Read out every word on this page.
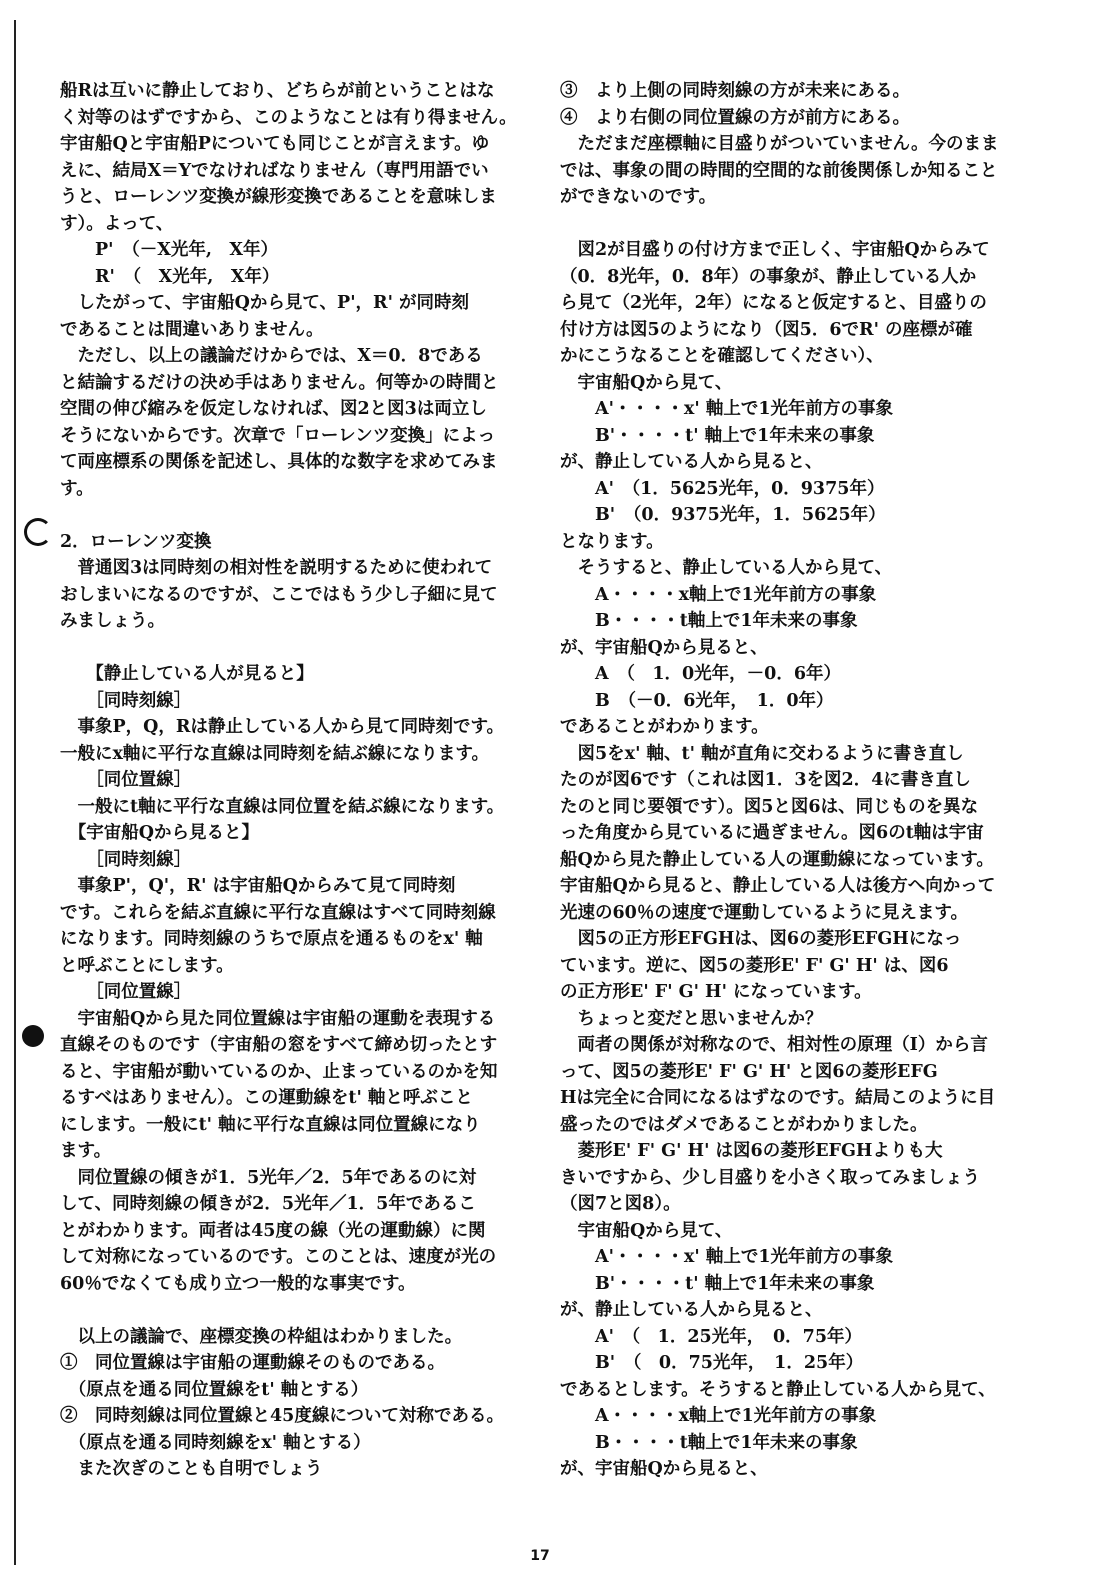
船Rは互いに静止しており、どちらが前ということはな
く対等のはずですから、このようなことは有り得ません。
宇宙船Qと宇宙船Pについても同じことが言えます。ゆ
えに、結局X＝Yでなければなりません（専門用語でい
うと、ローレンツ変換が線形変換であることを意味しま
す）。よって、
　　P'　（－X光年,　X年）
　　R'　（　X光年,　X年）
　したがって、宇宙船Qから見て、P'，R' が同時刻
であることは間違いありません。
　ただし、以上の議論だけからでは、X＝0．8である
と結論するだけの決め手はありません。何等かの時間と
空間の伸び縮みを仮定しなければ、図2と図3は両立し
そうにないからです。次章で「ローレンツ変換」によっ
て両座標系の関係を記述し、具体的な数字を求めてみま
す。
2．ローレンツ変換
　普通図3は同時刻の相対性を説明するために使われて
おしまいになるのですが、ここではもう少し子細に見て
みましょう。
　　【静止している人が見ると】
　　［同時刻線］
　事象P，Q，Rは静止している人から見て同時刻です。
一般にx軸に平行な直線は同時刻を結ぶ線になります。
　　［同位置線］
　一般にt軸に平行な直線は同位置を結ぶ線になります。
　【宇宙船Qから見ると】
　　［同時刻線］
　事象P'，Q'，R' は宇宙船Qからみて見て同時刻
です。これらを結ぶ直線に平行な直線はすべて同時刻線
になります。同時刻線のうちで原点を通るものをx' 軸
と呼ぶことにします。
　　［同位置線］
　宇宙船Qから見た同位置線は宇宙船の運動を表現する
直線そのものです（宇宙船の窓をすべて締め切ったとす
ると、宇宙船が動いているのか、止まっているのかを知
るすべはありません）。この運動線をt' 軸と呼ぶこと
にします。一般にt' 軸に平行な直線は同位置線になり
ます。
　同位置線の傾きが1．5光年／2．5年であるのに対
して、同時刻線の傾きが2．5光年／1．5年であるこ
とがわかります。両者は45度の線（光の運動線）に関
して対称になっているのです。このことは、速度が光の
60％でなくても成り立つ一般的な事実です。
　以上の議論で、座標変換の枠組はわかりました。
①　同位置線は宇宙船の運動線そのものである。
　（原点を通る同位置線をt' 軸とする）
②　同時刻線は同位置線と45度線について対称である。
　（原点を通る同時刻線をx' 軸とする）
　また次ぎのことも自明でしょう
③　より上側の同時刻線の方が未来にある。
④　より右側の同位置線の方が前方にある。
　ただまだ座標軸に目盛りがついていません。今のまま
では、事象の間の時間的空間的な前後関係しか知ること
ができないのです。
　図2が目盛りの付け方まで正しく、宇宙船Qからみて
（0．8光年，0．8年）の事象が、静止している人か
ら見て（2光年，2年）になると仮定すると、目盛りの
付け方は図5のようになり（図5．6でR' の座標が確
かにこうなることを確認してください）、
　宇宙船Qから見て、
　　A'・・・・x' 軸上で1光年前方の事象
　　B'・・・・t' 軸上で1年未来の事象
が、静止している人から見ると、
　　A'　（1．5625光年，0．9375年）
　　B'　（0．9375光年，1．5625年）
となります。
　そうすると、静止している人から見て、
　　A・・・・x軸上で1光年前方の事象
　　B・・・・t軸上で1年未来の事象
が、宇宙船Qから見ると、
　　A　（　1．0光年，－0．6年）
　　B　（－0．6光年，　1．0年）
であることがわかります。
　図5をx' 軸、t' 軸が直角に交わるように書き直し
たのが図6です（これは図1．3を図2．4に書き直し
たのと同じ要領です）。図5と図6は、同じものを異な
った角度から見ているに過ぎません。図6のt軸は宇宙
船Qから見た静止している人の運動線になっています。
宇宙船Qから見ると、静止している人は後方へ向かって
光速の60％の速度で運動しているように見えます。
　図5の正方形EFGHは、図6の菱形EFGHになっ
ています。逆に、図5の菱形E' F' G' H' は、図6
の正方形E' F' G' H' になっています。
　ちょっと変だと思いませんか？
　両者の関係が対称なので、相対性の原理（I）から言
って、図5の菱形E' F' G' H' と図6の菱形EFG
Hは完全に合同になるはずなのです。結局このように目
盛ったのではダメであることがわかりました。
　菱形E' F' G' H' は図6の菱形EFGHよりも大
きいですから、少し目盛りを小さく取ってみましょう
（図7と図8）。
　宇宙船Qから見て、
　　A'・・・・x' 軸上で1光年前方の事象
　　B'・・・・t' 軸上で1年未来の事象
が、静止している人から見ると、
　　A'　（　1．25光年，　0．75年）
　　B'　（　0．75光年，　1．25年）
であるとします。そうすると静止している人から見て、
　　A・・・・x軸上で1光年前方の事象
　　B・・・・t軸上で1年未来の事象
が、宇宙船Qから見ると、
17
